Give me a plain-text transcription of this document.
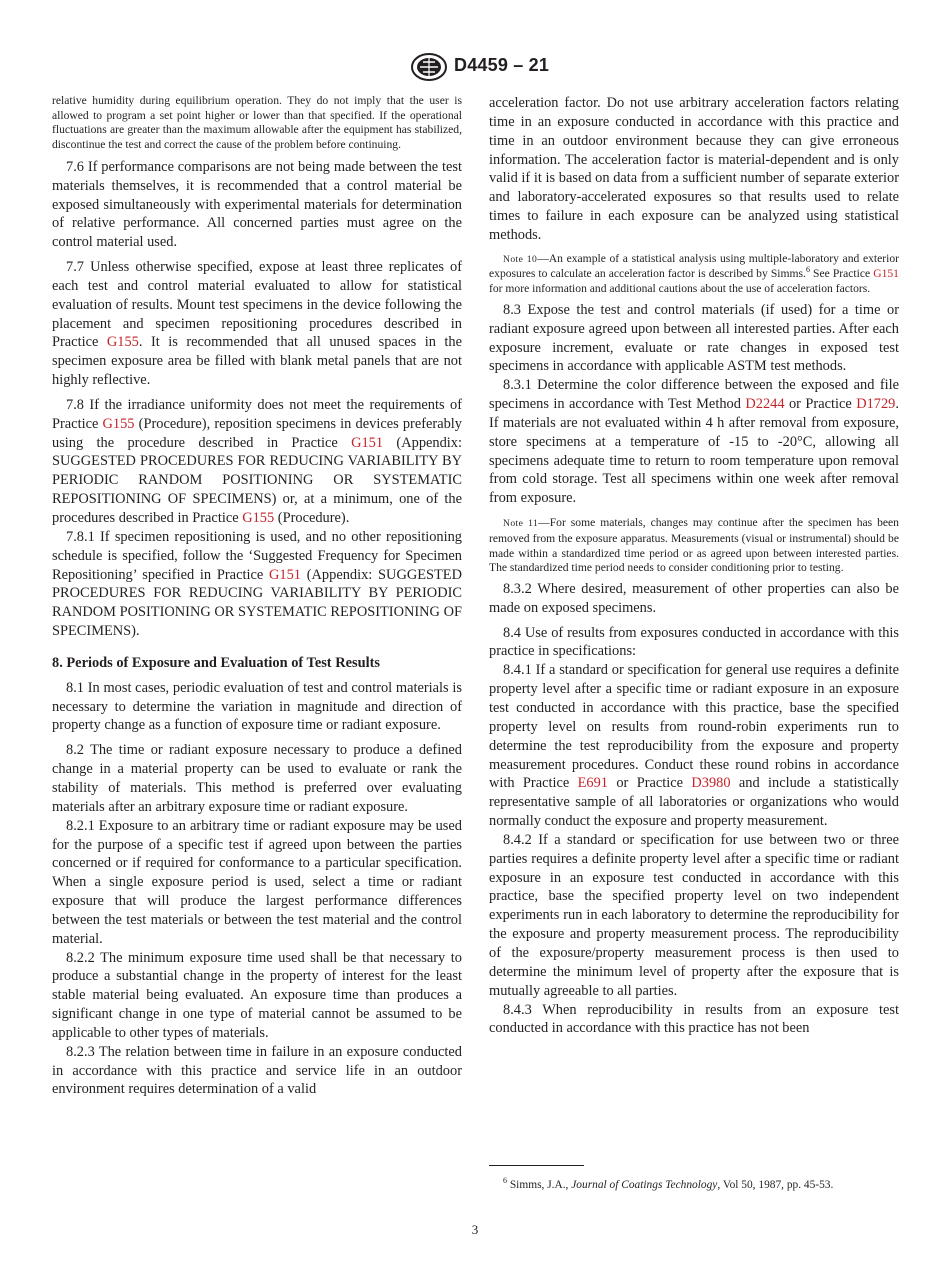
D4459 – 21

relative humidity during equilibrium operation. They do not imply that the user is allowed to program a set point higher or lower than that specified. If the operational fluctuations are greater than the maximum allowable after the equipment has stabilized, discontinue the test and correct the cause of the problem before continuing.

7.6 If performance comparisons are not being made between the test materials themselves, it is recommended that a control material be exposed simultaneously with experimental materials for determination of relative performance. All concerned parties must agree on the control material used.

7.7 Unless otherwise specified, expose at least three replicates of each test and control material evaluated to allow for statistical evaluation of results. Mount test specimens in the device following the placement and specimen repositioning procedures described in Practice G155. It is recommended that all unused spaces in the specimen exposure area be filled with blank metal panels that are not highly reflective.

7.8 If the irradiance uniformity does not meet the requirements of Practice G155 (Procedure), reposition specimens in devices preferably using the procedure described in Practice G151 (Appendix: SUGGESTED PROCEDURES FOR REDUCING VARIABILITY BY PERIODIC RANDOM POSITIONING OR SYSTEMATIC REPOSITIONING OF SPECIMENS) or, at a minimum, one of the procedures described in Practice G155 (Procedure).

7.8.1 If specimen repositioning is used, and no other repositioning schedule is specified, follow the ‘Suggested Frequency for Specimen Repositioning’ specified in Practice G151 (Appendix: SUGGESTED PROCEDURES FOR REDUCING VARIABILITY BY PERIODIC RANDOM POSITIONING OR SYSTEMATIC REPOSITIONING OF SPECIMENS).

8. Periods of Exposure and Evaluation of Test Results

8.1 In most cases, periodic evaluation of test and control materials is necessary to determine the variation in magnitude and direction of property change as a function of exposure time or radiant exposure.

8.2 The time or radiant exposure necessary to produce a defined change in a material property can be used to evaluate or rank the stability of materials. This method is preferred over evaluating materials after an arbitrary exposure time or radiant exposure.

8.2.1 Exposure to an arbitrary time or radiant exposure may be used for the purpose of a specific test if agreed upon between the parties concerned or if required for conformance to a particular specification. When a single exposure period is used, select a time or radiant exposure that will produce the largest performance differences between the test materials or between the test material and the control material.

8.2.2 The minimum exposure time used shall be that necessary to produce a substantial change in the property of interest for the least stable material being evaluated. An exposure time than produces a significant change in one type of material cannot be assumed to be applicable to other types of materials.

8.2.3 The relation between time in failure in an exposure conducted in accordance with this practice and service life in an outdoor environment requires determination of a valid

acceleration factor. Do not use arbitrary acceleration factors relating time in an exposure conducted in accordance with this practice and time in an outdoor environment because they can give erroneous information. The acceleration factor is material-dependent and is only valid if it is based on data from a sufficient number of separate exterior and laboratory-accelerated exposures so that results used to relate times to failure in each exposure can be analyzed using statistical methods.

Note 10—An example of a statistical analysis using multiple-laboratory and exterior exposures to calculate an acceleration factor is described by Simms.$^6$ See Practice G151 for more information and additional cautions about the use of acceleration factors.

8.3 Expose the test and control materials (if used) for a time or radiant exposure agreed upon between all interested parties. After each exposure increment, evaluate or rate changes in exposed test specimens in accordance with applicable ASTM test methods.

8.3.1 Determine the color difference between the exposed and file specimens in accordance with Test Method D2244 or Practice D1729. If materials are not evaluated within 4 h after removal from exposure, store specimens at a temperature of -15 to -20°C, allowing all specimens adequate time to return to room temperature upon removal from cold storage. Test all specimens within one week after removal from exposure.

Note 11—For some materials, changes may continue after the specimen has been removed from the exposure apparatus. Measurements (visual or instrumental) should be made within a standardized time period or as agreed upon between interested parties. The standardized time period needs to consider conditioning prior to testing.

8.3.2 Where desired, measurement of other properties can also be made on exposed specimens.

8.4 Use of results from exposures conducted in accordance with this practice in specifications:

8.4.1 If a standard or specification for general use requires a definite property level after a specific time or radiant exposure in an exposure test conducted in accordance with this practice, base the specified property level on results from round-robin experiments run to determine the test reproducibility from the exposure and property measurement procedures. Conduct these round robins in accordance with Practice E691 or Practice D3980 and include a statistically representative sample of all laboratories or organizations who would normally conduct the exposure and property measurement.

8.4.2 If a standard or specification for use between two or three parties requires a definite property level after a specific time or radiant exposure in an exposure test conducted in accordance with this practice, base the specified property level on two independent experiments run in each laboratory to determine the reproducibility for the exposure and property measurement process. The reproducibility of the exposure/property measurement process is then used to determine the minimum level of property after the exposure that is mutually agreeable to all parties.

8.4.3 When reproducibility in results from an exposure test conducted in accordance with this practice has not been

$^6$ Simms, J.A., Journal of Coatings Technology, Vol 50, 1987, pp. 45-53.

3
